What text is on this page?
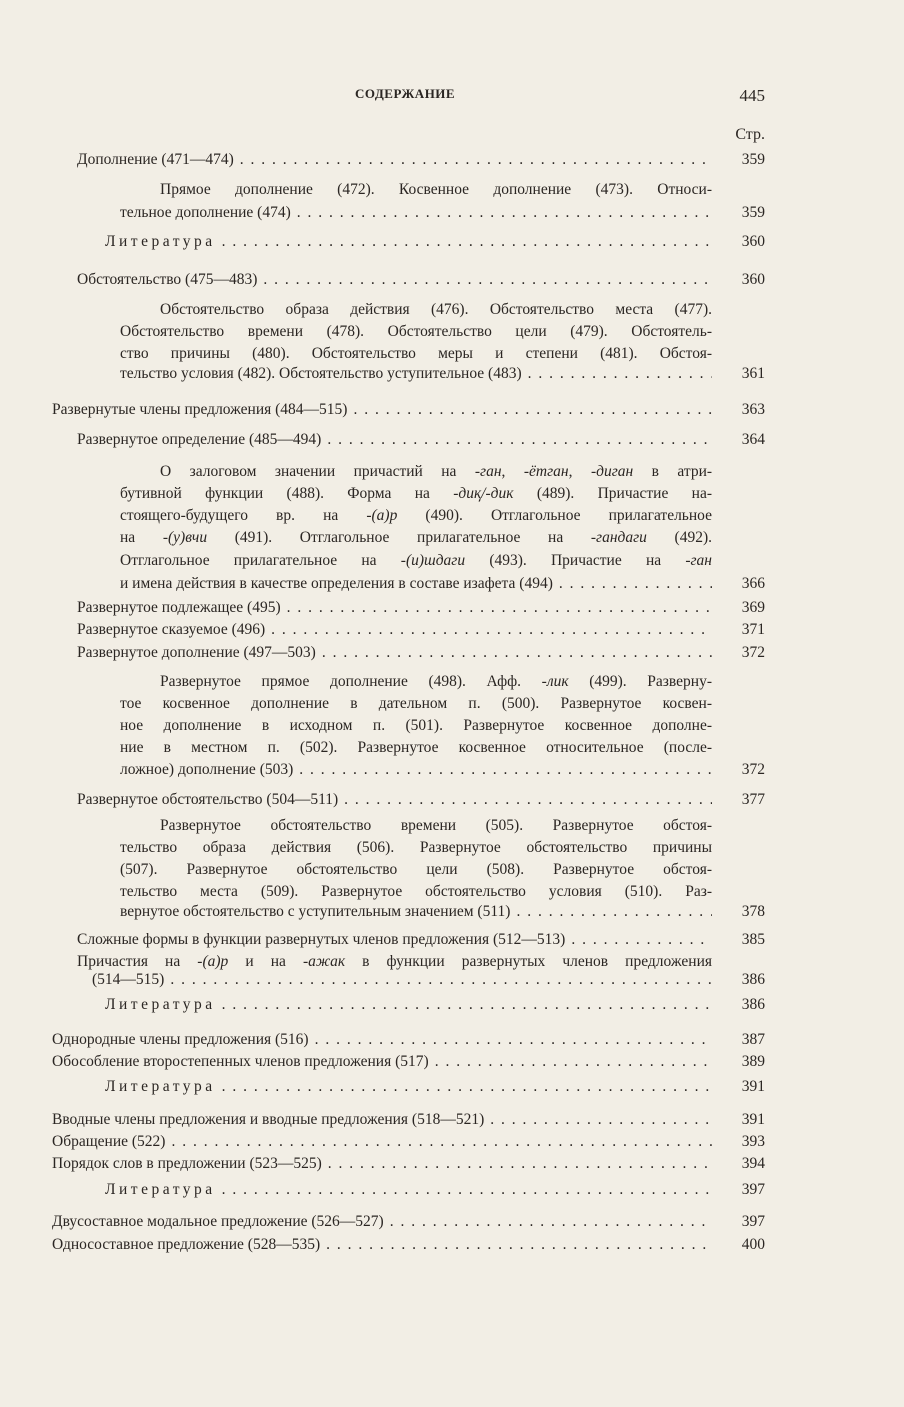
СОДЕРЖАНИЕ	445
Стр.
Дополнение (471—474) . . .	359
Прямое дополнение (472). Косвенное дополнение (473). Относи-
тельное дополнение (474) . . .	359
Литература . . .	360
Обстоятельство (475—483) . . .	360
Обстоятельство образа действия (476). Обстоятельство места (477).
Обстоятельство времени (478). Обстоятельство цели (479). Обстоятель-
ство причины (480). Обстоятельство меры и степени (481). Обстоя-
тельство условия (482). Обстоятельство уступительное (483) . . .	361
Развернутые члены предложения (484—515) . . .	363
Развернутое определение (485—494) . . .	364
О залоговом значении причастий на -ган, -ётган, -диган в атри-
бутивной функции (488). Форма на -диқ/-дик (489). Причастие на-
стоящего-будущего вр. на -(а)р (490). Отглагольное прилагательное
на -(у)вчи (491). Отглагольное прилагательное на -гандаги (492).
Отглагольное прилагательное на -(и)шдаги (493). Причастие на -ган
и имена действия в качестве определения в составе изафета (494) . . .	366
Развернутое подлежащее (495) . . .	369
Развернутое сказуемое (496) . . .	371
Развернутое дополнение (497—503) . . .	372
Развернутое прямое дополнение (498). Афф. -лик (499). Разверну-
тое косвенное дополнение в дательном п. (500). Развернутое косвен-
ное дополнение в исходном п. (501). Развернутое косвенное дополне-
ние в местном п. (502). Развернутое косвенное относительное (после-
ложное) дополнение (503) . . .	372
Развернутое обстоятельство (504—511) . . .	377
Развернутое обстоятельство времени (505). Развернутое обстоя-
тельство образа действия (506). Развернутое обстоятельство причины
(507). Развернутое обстоятельство цели (508). Развернутое обстоя-
тельство места (509). Развернутое обстоятельство условия (510). Раз-
вернутое обстоятельство с уступительным значением (511) . . .	378
Сложные формы в функции развернутых членов предложения (512—513) . . .	385
Причастия на -(а)р и на -ажак в функции развернутых членов предложения
(514—515) . . .	386
Литература . . .	386
Однородные члены предложения (516) . . .	387
Обособление второстепенных членов предложения (517) . . .	389
Литература . . .	391
Вводные члены предложения и вводные предложения (518—521) . . .	391
Обращение (522) . . .	393
Порядок слов в предложении (523—525) . . .	394
Литература . . .	397
Двусоставное модальное предложение (526—527) . . .	397
Односоставное предложение (528—535) . . .	400
